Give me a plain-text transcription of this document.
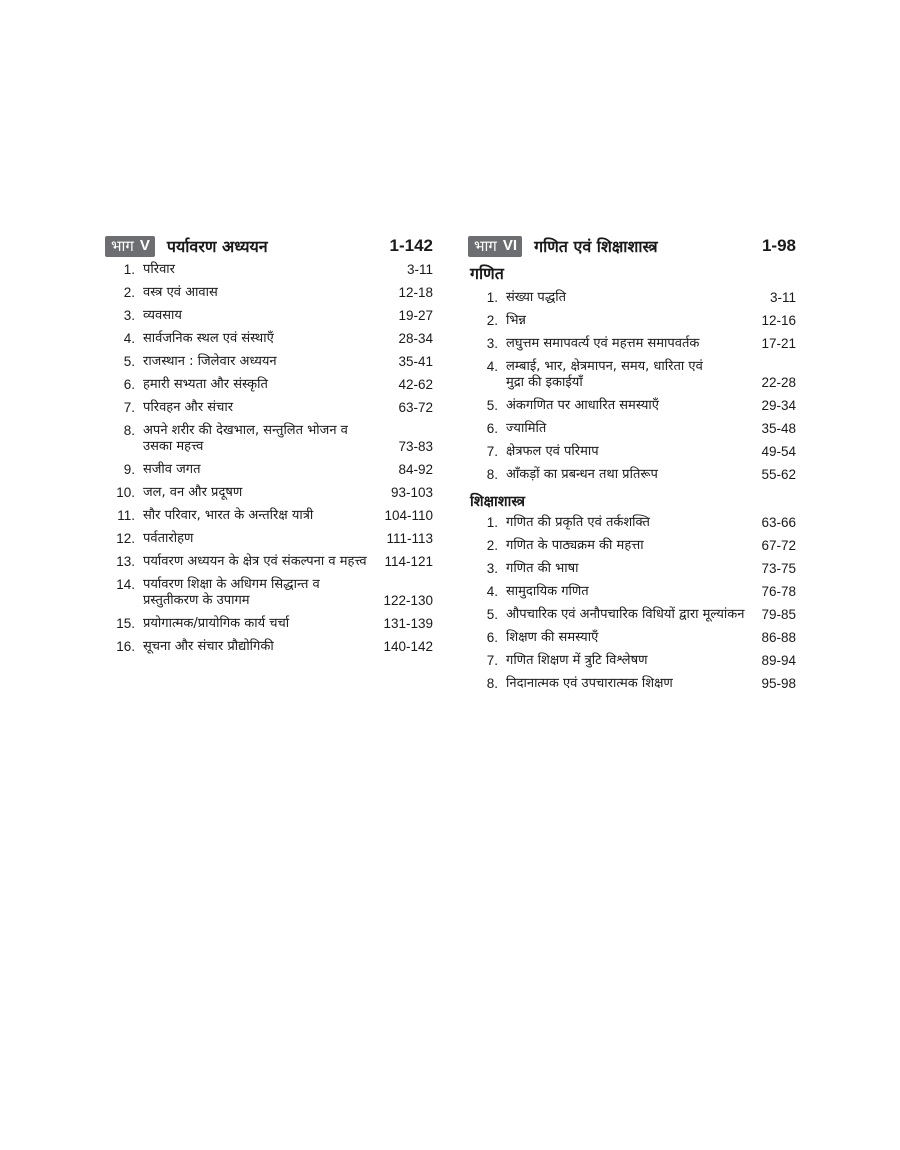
भाग V पर्यावरण अध्ययन	1-142
1. परिवार	3-11
2. वस्त्र एवं आवास	12-18
3. व्यवसाय	19-27
4. सार्वजनिक स्थल एवं संस्थाएँ	28-34
5. राजस्थान : जिलेवार अध्ययन	35-41
6. हमारी सभ्यता और संस्कृति	42-62
7. परिवहन और संचार	63-72
8. अपने शरीर की देखभाल, सन्तुलित भोजन व
उसका महत्त्व	73-83
9. सजीव जगत	84-92
10. जल, वन और प्रदूषण	93-103
11. सौर परिवार, भारत के अन्तरिक्ष यात्री	104-110
12. पर्वतारोहण	111-113
13. पर्यावरण अध्ययन के क्षेत्र एवं संकल्पना व महत्त्व	114-121
14. पर्यावरण शिक्षा के अधिगम सिद्धान्त व
प्रस्तुतीकरण के उपागम	122-130
15. प्रयोगात्मक/प्रायोगिक कार्य चर्चा	131-139
16. सूचना और संचार प्रौद्योगिकी	140-142
भाग VI गणित एवं शिक्षाशास्त्र	1-98
गणित
1. संख्या पद्धति	3-11
2. भिन्न	12-16
3. लघुत्तम समापवर्त्य एवं महत्तम समापवर्तक	17-21
4. लम्बाई, भार, क्षेत्रमापन, समय, धारिता एवं
मुद्रा की इकाईयाँ	22-28
5. अंकगणित पर आधारित समस्याएँ	29-34
6. ज्यामिति	35-48
7. क्षेत्रफल एवं परिमाप	49-54
8. आँकड़ों का प्रबन्धन तथा प्रतिरूप	55-62
शिक्षाशास्त्र
1. गणित की प्रकृति एवं तर्कशक्ति	63-66
2. गणित के पाठ्यक्रम की महत्ता	67-72
3. गणित की भाषा	73-75
4. सामुदायिक गणित	76-78
5. औपचारिक एवं अनौपचारिक विधियों द्वारा मूल्यांकन	79-85
6. शिक्षण की समस्याएँ	86-88
7. गणित शिक्षण में त्रुटि विश्लेषण	89-94
8. निदानात्मक एवं उपचारात्मक शिक्षण	95-98
